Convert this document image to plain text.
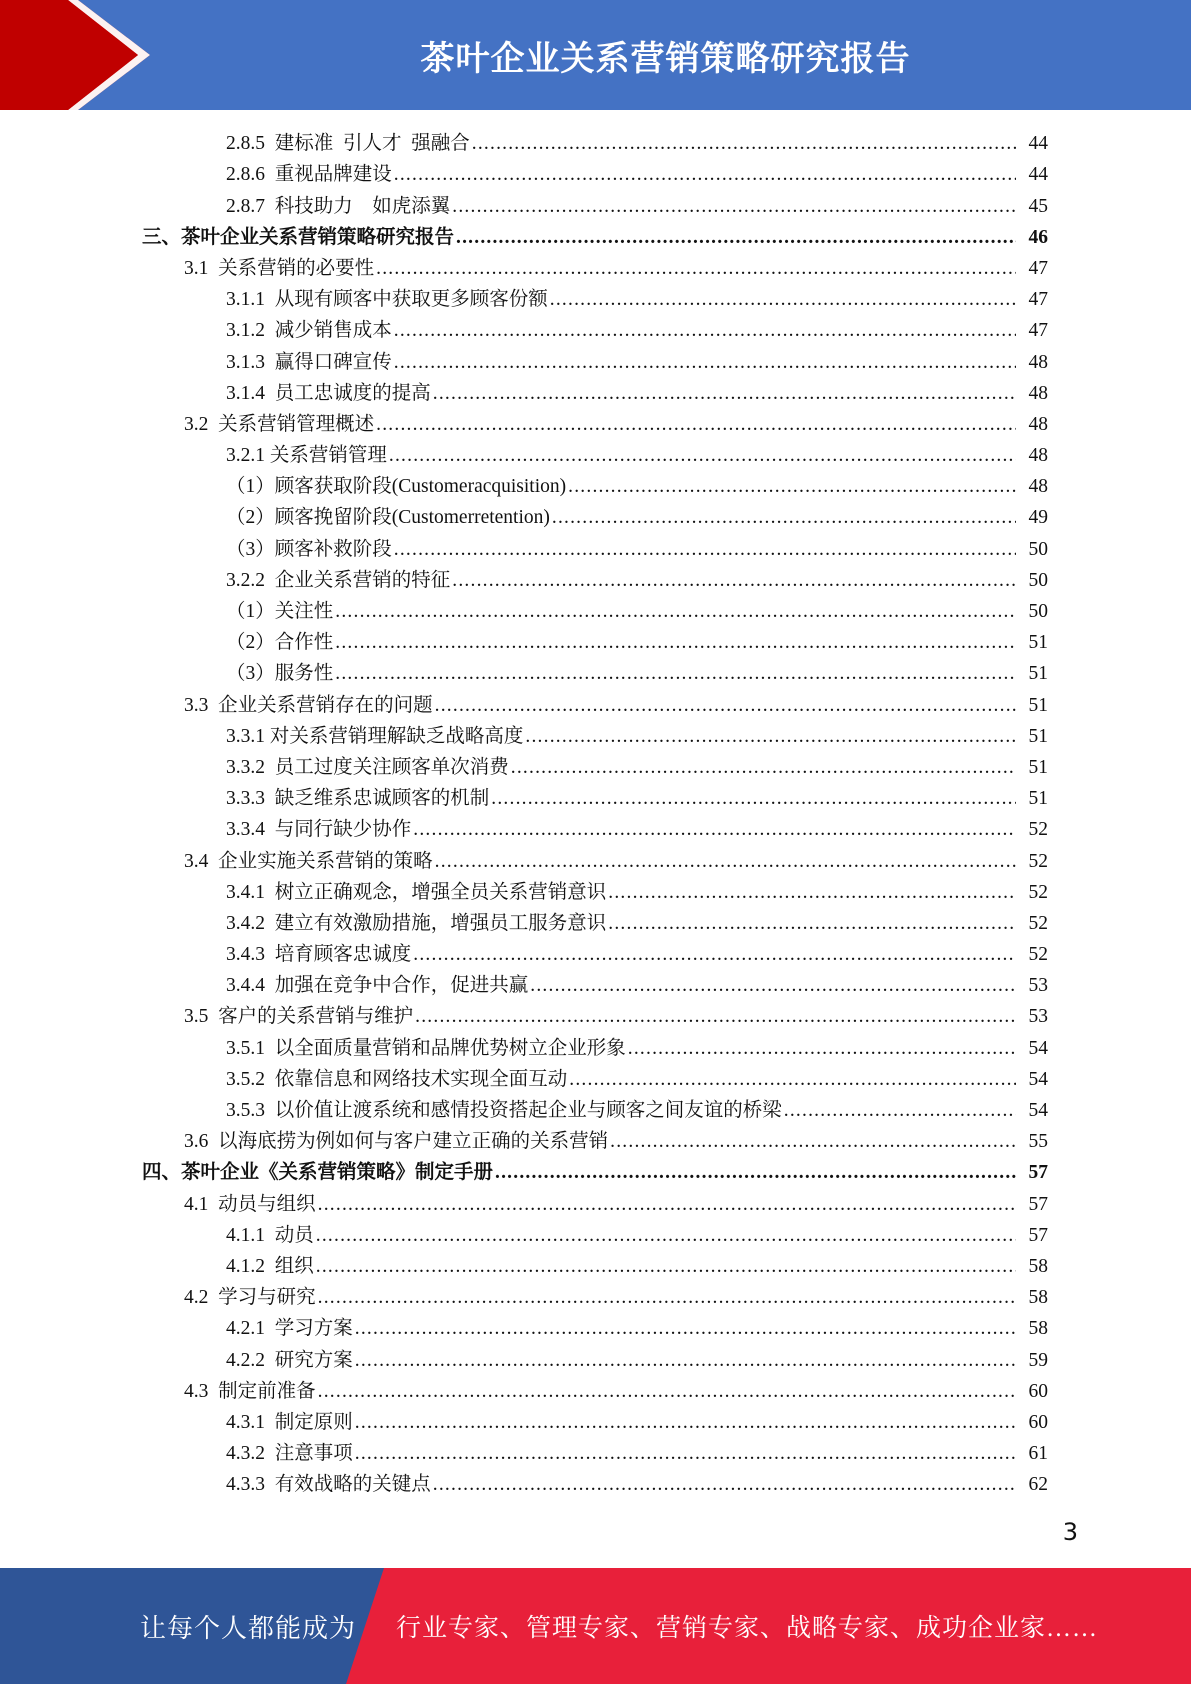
茶叶企业关系营销策略研究报告
2.8.5  建标准  引人才  强融合 .....	44
2.8.6  重视品牌建设 .....	44
2.8.7  科技助力    如虎添翼 .....	45
三、茶叶企业关系营销策略研究报告 .....	46
3.1  关系营销的必要性 .....	47
3.1.1  从现有顾客中获取更多顾客份额 .....	47
3.1.2  减少销售成本 .....	47
3.1.3  赢得口碑宣传 .....	48
3.1.4  员工忠诚度的提高 .....	48
3.2  关系营销管理概述 .....	48
3.2.1 关系营销管理 .....	48
（1）顾客获取阶段(Customeracquisition) .....	48
（2）顾客挽留阶段(Customerretention) .....	49
（3）顾客补救阶段 .....	50
3.2.2  企业关系营销的特征 .....	50
（1）关注性 .....	50
（2）合作性 .....	51
（3）服务性 .....	51
3.3  企业关系营销存在的问题 .....	51
3.3.1 对关系营销理解缺乏战略高度 .....	51
3.3.2  员工过度关注顾客单次消费 .....	51
3.3.3  缺乏维系忠诚顾客的机制 .....	51
3.3.4  与同行缺少协作 .....	52
3.4  企业实施关系营销的策略 .....	52
3.4.1  树立正确观念，增强全员关系营销意识 .....	52
3.4.2  建立有效激励措施，增强员工服务意识 .....	52
3.4.3  培育顾客忠诚度 .....	52
3.4.4  加强在竞争中合作，促进共赢 .....	53
3.5  客户的关系营销与维护 .....	53
3.5.1  以全面质量营销和品牌优势树立企业形象 .....	54
3.5.2  依靠信息和网络技术实现全面互动 .....	54
3.5.3  以价值让渡系统和感情投资搭起企业与顾客之间友谊的桥梁 .....	54
3.6  以海底捞为例如何与客户建立正确的关系营销 .....	55
四、茶叶企业《关系营销策略》制定手册 .....	57
4.1  动员与组织 .....	57
4.1.1  动员 .....	57
4.1.2  组织 .....	58
4.2  学习与研究 .....	58
4.2.1  学习方案 .....	58
4.2.2  研究方案 .....	59
4.3  制定前准备 .....	60
4.3.1  制定原则 .....	60
4.3.2  注意事项 .....	61
4.3.3  有效战略的关键点 .....	62
3
让每个人都能成为 行业专家、管理专家、营销专家、战略专家、成功企业家……
